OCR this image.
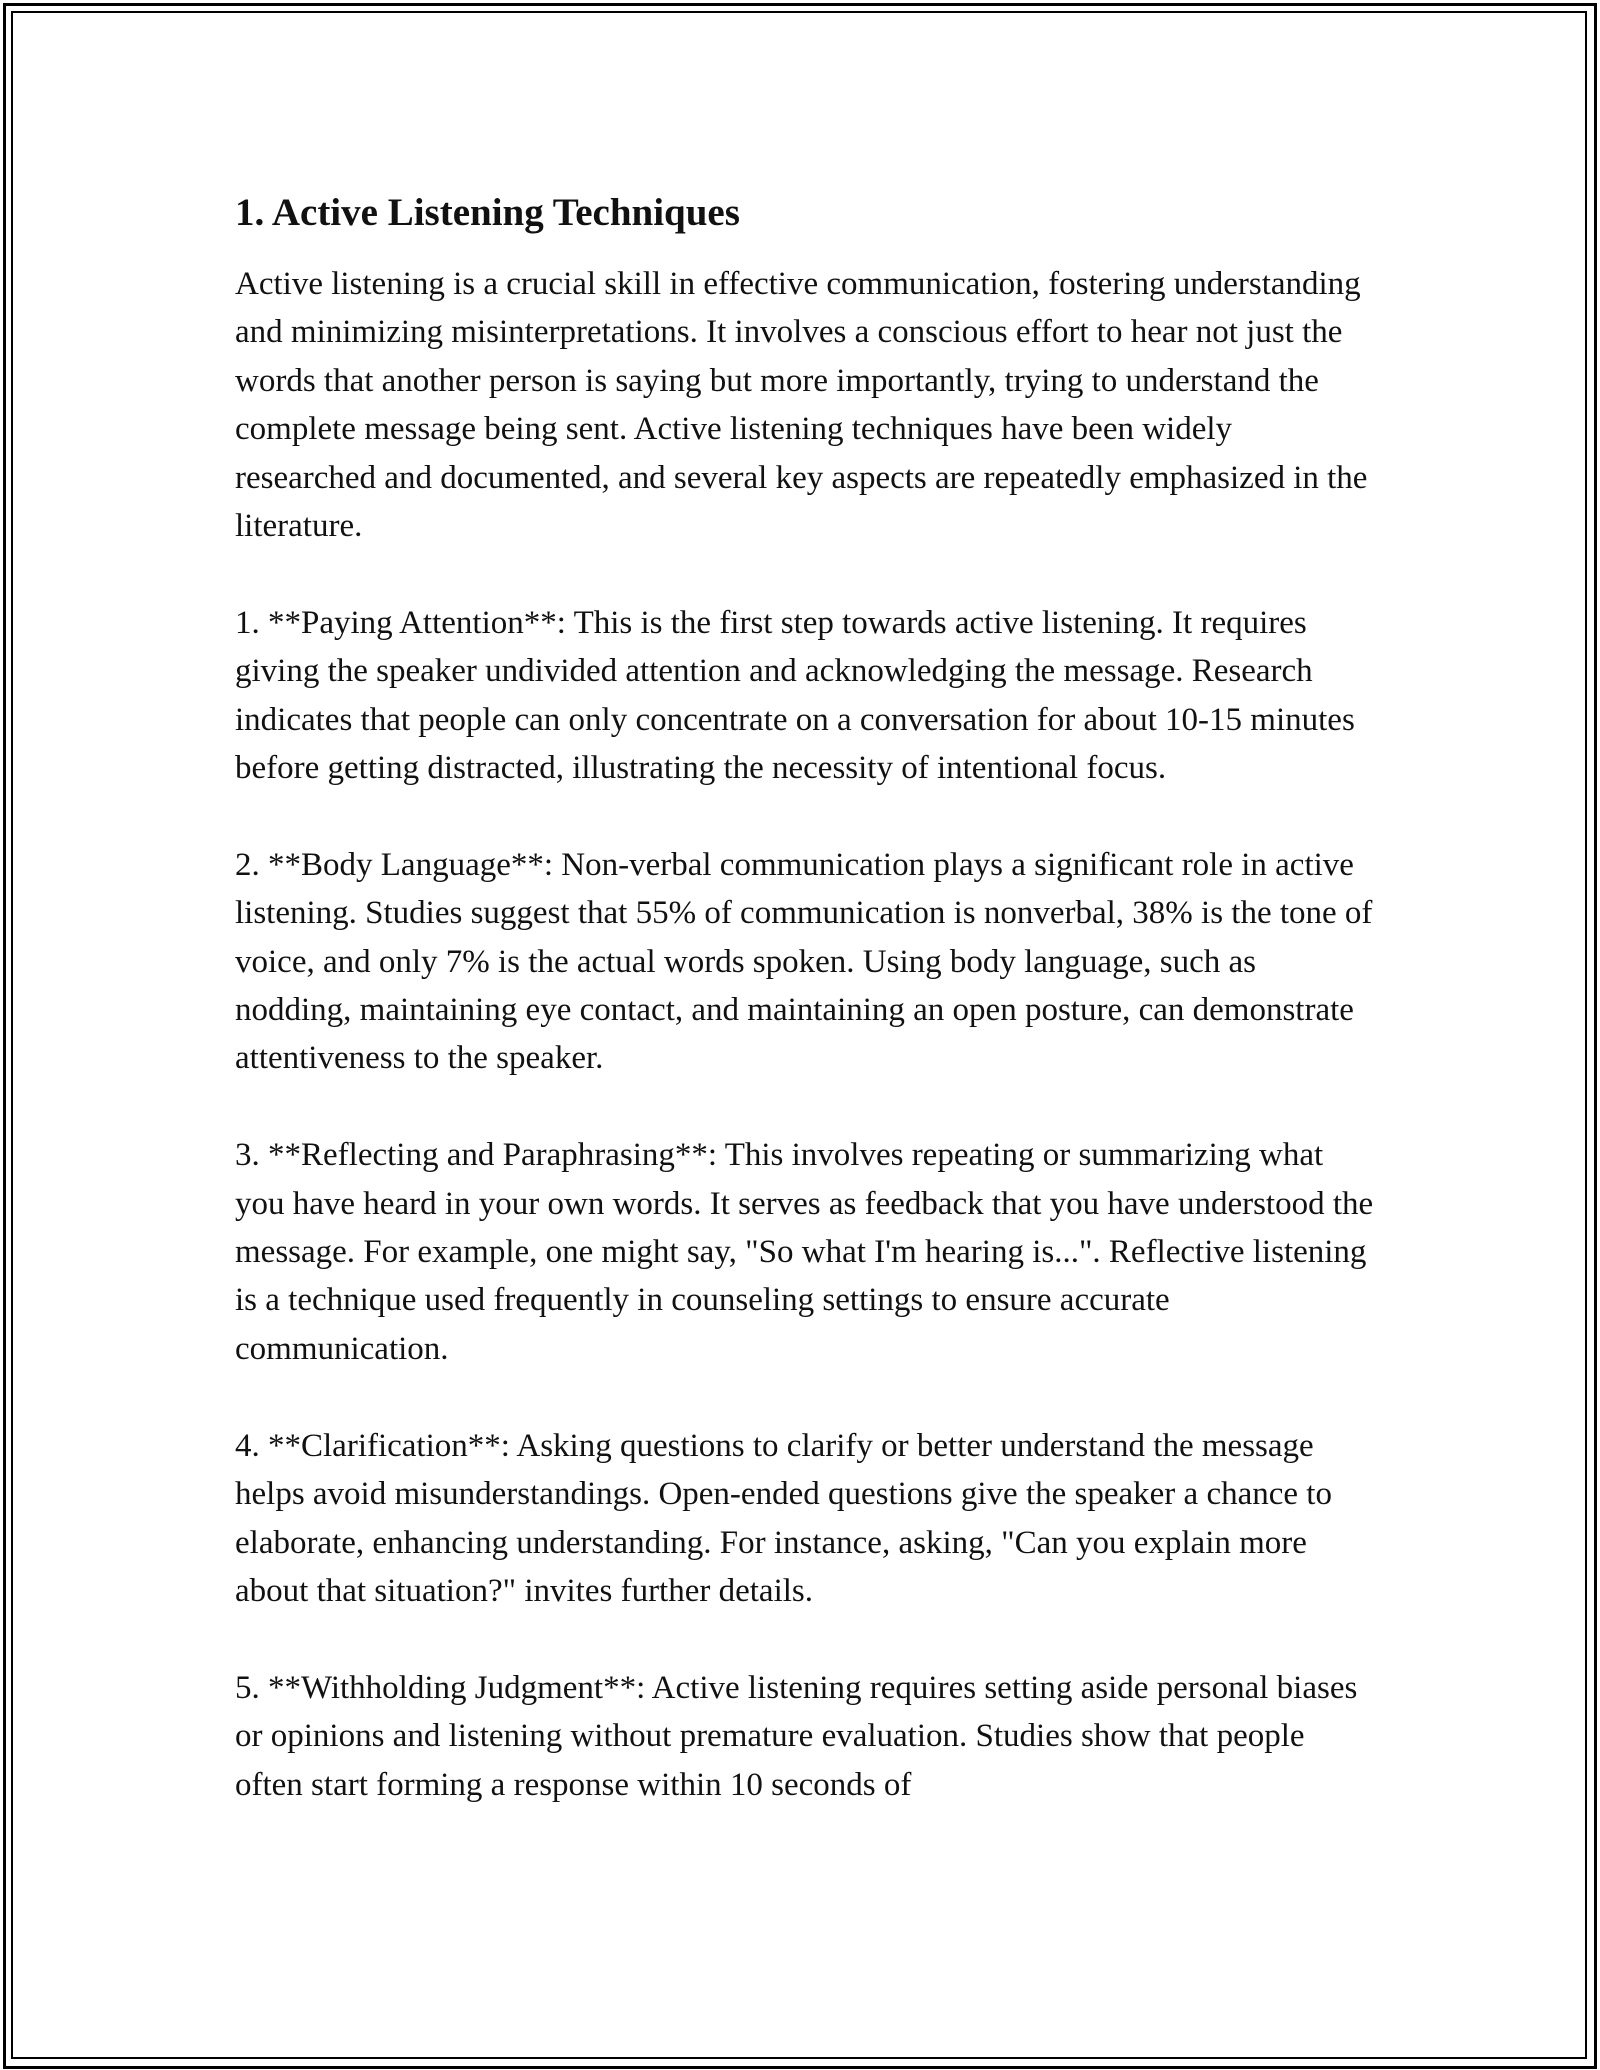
1. Active Listening Techniques

Active listening is a crucial skill in effective communication, fostering understanding and minimizing misinterpretations. It involves a conscious effort to hear not just the words that another person is saying but more importantly, trying to understand the complete message being sent. Active listening techniques have been widely researched and documented, and several key aspects are repeatedly emphasized in the literature.

1. **Paying Attention**: This is the first step towards active listening. It requires giving the speaker undivided attention and acknowledging the message. Research indicates that people can only concentrate on a conversation for about 10-15 minutes before getting distracted, illustrating the necessity of intentional focus.

2. **Body Language**: Non-verbal communication plays a significant role in active listening. Studies suggest that 55% of communication is nonverbal, 38% is the tone of voice, and only 7% is the actual words spoken. Using body language, such as nodding, maintaining eye contact, and maintaining an open posture, can demonstrate attentiveness to the speaker.

3. **Reflecting and Paraphrasing**: This involves repeating or summarizing what you have heard in your own words. It serves as feedback that you have understood the message. For example, one might say, "So what I'm hearing is...". Reflective listening is a technique used frequently in counseling settings to ensure accurate communication.

4. **Clarification**: Asking questions to clarify or better understand the message helps avoid misunderstandings. Open-ended questions give the speaker a chance to elaborate, enhancing understanding. For instance, asking, "Can you explain more about that situation?" invites further details.

5. **Withholding Judgment**: Active listening requires setting aside personal biases or opinions and listening without premature evaluation. Studies show that people often start forming a response within 10 seconds of
